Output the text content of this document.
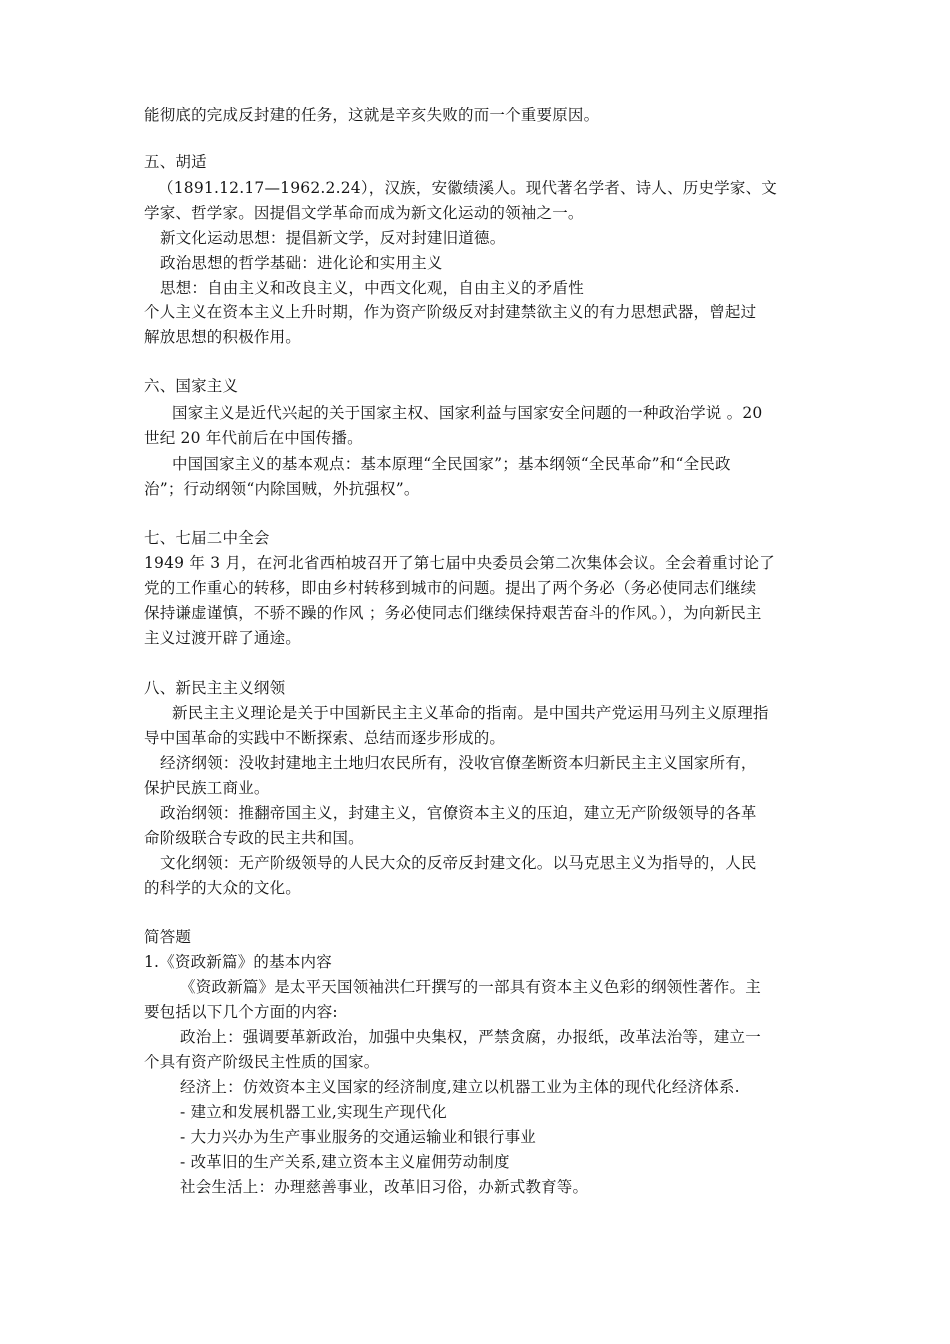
能彻底的完成反封建的任务，这就是辛亥失败的而一个重要原因。
五、胡适
（1891.12.17—1962.2.24），汉族，安徽绩溪人。现代著名学者、诗人、历史学家、文
学家、哲学家。因提倡文学革命而成为新文化运动的领袖之一。
新文化运动思想：提倡新文学，反对封建旧道德。
政治思想的哲学基础：进化论和实用主义
思想：自由主义和改良主义，中西文化观，自由主义的矛盾性
个人主义在资本主义上升时期，作为资产阶级反对封建禁欲主义的有力思想武器，曾起过
解放思想的积极作用。
六、国家主义
国家主义是近代兴起的关于国家主权、国家利益与国家安全问题的一种政治学说 。20
世纪 20 年代前后在中国传播。
中国国家主义的基本观点：基本原理“全民国家”；基本纲领“全民革命”和“全民政
治”；行动纲领“内除国贼，外抗强权”。
七、七届二中全会
1949 年 3 月，在河北省西柏坡召开了第七届中央委员会第二次集体会议。全会着重讨论了
党的工作重心的转移，即由乡村转移到城市的问题。提出了两个务必（务必使同志们继续
保持谦虚谨慎，不骄不躁的作风 ；务必使同志们继续保持艰苦奋斗的作风。），为向新民主
主义过渡开辟了通途。
八、新民主主义纲领
新民主主义理论是关于中国新民主主义革命的指南。是中国共产党运用马列主义原理指
导中国革命的实践中不断探索、总结而逐步形成的。
经济纲领：没收封建地主土地归农民所有，没收官僚垄断资本归新民主主义国家所有，
保护民族工商业。
政治纲领：推翻帝国主义，封建主义，官僚资本主义的压迫，建立无产阶级领导的各革
命阶级联合专政的民主共和国。
文化纲领：无产阶级领导的人民大众的反帝反封建文化。以马克思主义为指导的，人民
的科学的大众的文化。
简答题
1.《资政新篇》的基本内容
《资政新篇》是太平天国领袖洪仁玕撰写的一部具有资本主义色彩的纲领性著作。主
要包括以下几个方面的内容:
政治上：强调要革新政治，加强中央集权，严禁贪腐，办报纸，改革法治等，建立一
个具有资产阶级民主性质的国家。
经济上：仿效资本主义国家的经济制度,建立以机器工业为主体的现代化经济体系.
- 建立和发展机器工业,实现生产现代化
- 大力兴办为生产事业服务的交通运输业和银行事业
- 改革旧的生产关系,建立资本主义雇佣劳动制度
社会生活上：办理慈善事业，改革旧习俗，办新式教育等。
